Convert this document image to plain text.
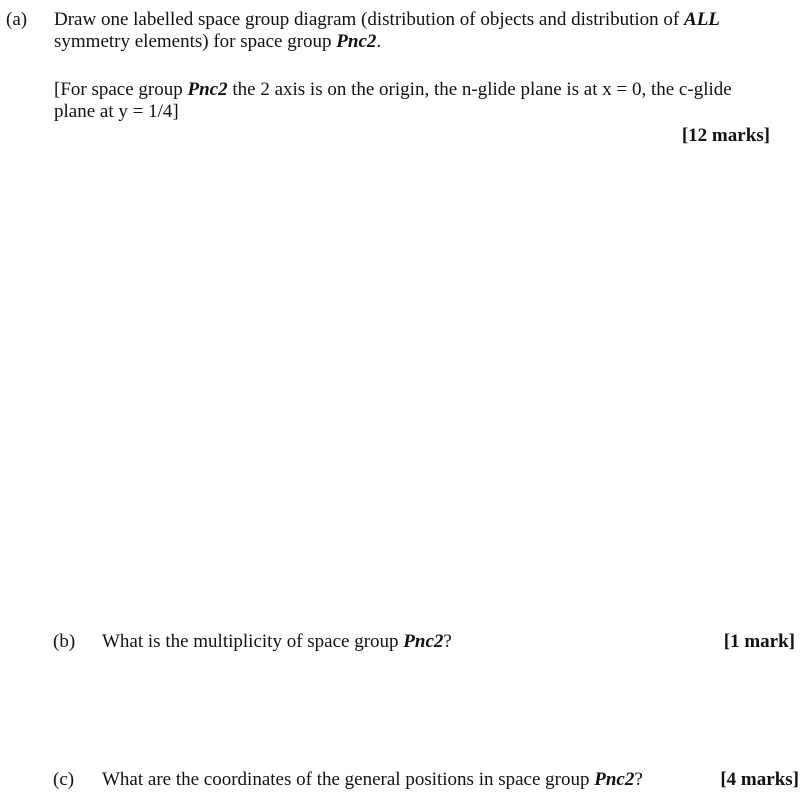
(a) Draw one labelled space group diagram (distribution of objects and distribution of ALL
symmetry elements) for space group Pnc2.
[For space group Pnc2 the 2 axis is on the origin, the n-glide plane is at x = 0, the c-glide
plane at y = 1/4]
[12 marks]
(b) What is the multiplicity of space group Pnc2?	[1 mark]
(c) What are the coordinates of the general positions in space group Pnc2?	[4 marks]
